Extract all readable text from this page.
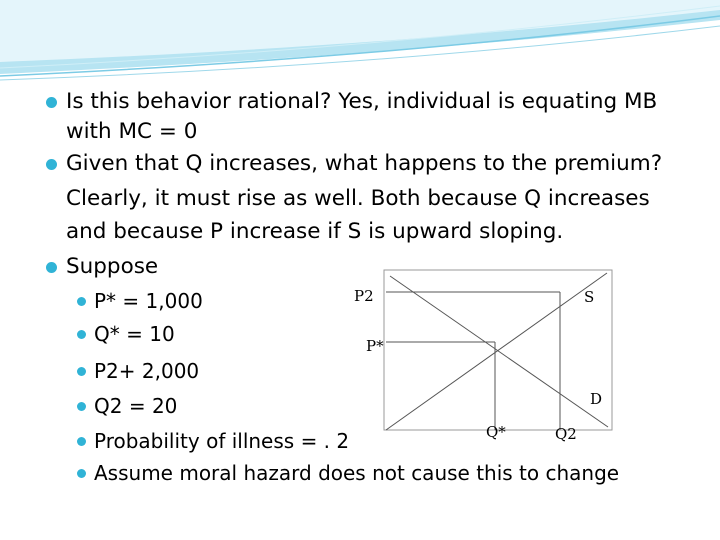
Is this behavior rational? Yes, individual is equating MB
with MC = 0
Given that Q increases, what happens to the premium?
Clearly, it must rise as well. Both because Q increases
and because P increase if S is upward sloping.
Suppose
P* = 1,000
Q* = 10
P2+ 2,000
Q2 = 20
Probability of illness = . 2
Assume moral hazard does not cause this to change
P2
P*
S
D
Q*	Q2
